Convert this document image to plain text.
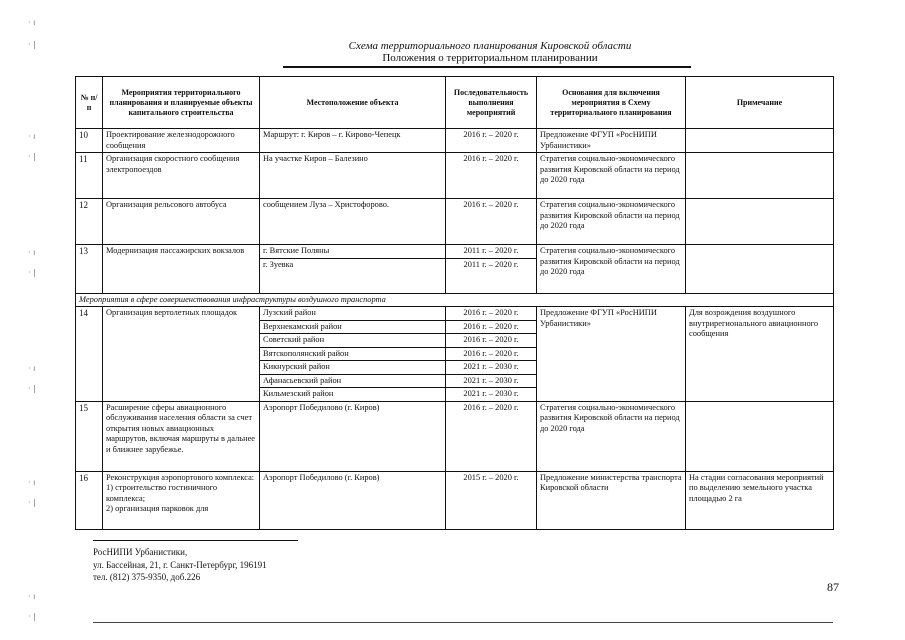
Схема территориального планирования Кировской области
Положения о территориальном планировании
№ п/п	Мероприятия территориального планирования и планируемые объекты капитального строительства	Местоположение объекта	Последовательность выполнения мероприятий	Основания для включения мероприятия в Схему территориального планирования	Примечание
10	Проектирование железнодорожного сообщения	Маршрут: г. Киров – г. Кирово-Чепецк	2016 г. – 2020 г.	Предложение ФГУП «РосНИПИ Урбанистики»	
11	Организация скоростного сообщения электропоездов	На участке Киров – Балезино	2016 г. – 2020 г.	Стратегия социально-экономического развития Кировской области на период до 2020 года	
12	Организация рельсового автобуса	сообщением Луза – Христофорово.	2016 г. – 2020 г.	Стратегия социально-экономического развития Кировской области на период до 2020 года	
13	Модернизация пассажирских вокзалов	г. Вятские Поляны	2011 г. – 2020 г.	Стратегия социально-экономического развития Кировской области на период до 2020 года	
		г. Зуевка	2011 г. – 2020 г.		
Мероприятия в сфере совершенствования инфраструктуры воздушного транспорта					
14	Организация вертолетных площадок	Лузский район	2016 г. – 2020 г.	Предложение ФГУП «РосНИПИ Урбанистики»	Для возрождения воздушного внутрирегионального авиационного сообщения
		Верхнекамский район	2016 г. – 2020 г.		
		Советский район	2016 г. – 2020 г.		
		Вятскополянский район	2016 г. – 2020 г.		
		Кикнурский район	2021 г. – 2030 г.		
		Афанасьевский район	2021 г. – 2030 г.		
		Кильмезский район	2021 г. – 2030 г.		
15	Расширение сферы авиационного обслуживания населения области за счет открытия новых авиационных маршрутов, включая маршруты в дальнее и ближнее зарубежье.	Аэропорт Победилово (г. Киров)	2016 г. – 2020 г.	Стратегия социально-экономического развития Кировской области на период до 2020 года	
16	Реконструкция аэропортового комплекса:
1) строительство гостиничного комплекса;
2) организация парковок для	Аэропорт Победилово (г. Киров)	2015 г. – 2020 г.	Предложение министерства транспорта Кировской области	На стадии согласования мероприятий по выделению земельного участка площадью 2 га
РосНИПИ Урбанистики,
ул. Бассейная, 21, г. Санкт-Петербург, 196191
тел. (812) 375-9350, доб.226
87
· ı
· |
· ı
· |
· ı
· |
· ı
· |
· ı
· |
· ı
· |
